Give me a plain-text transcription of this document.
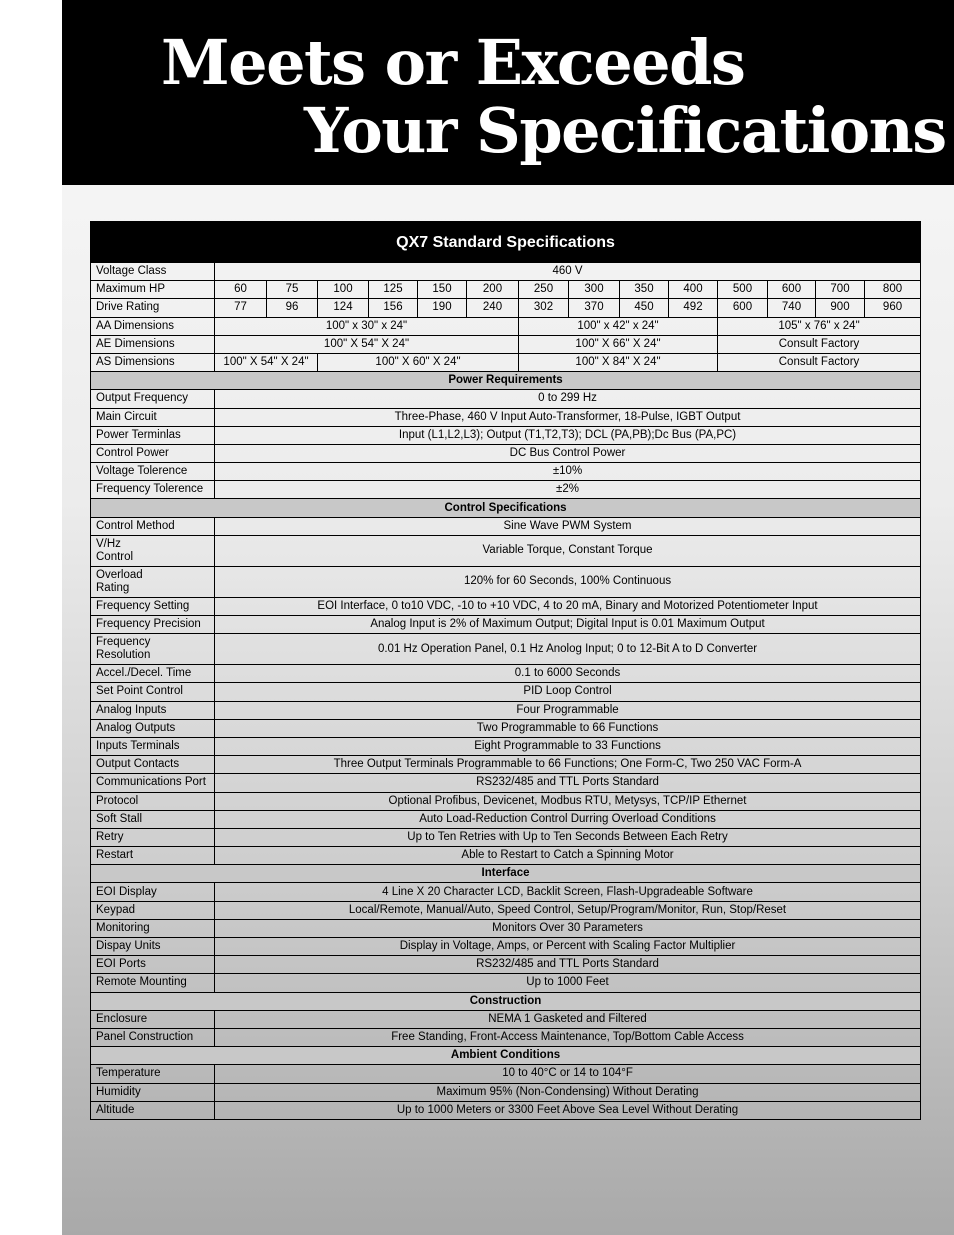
Meets or Exceeds
Your Specifications
QX7 Standard Specifications														
Voltage Class	460 V													
Maximum HP	60	75	100	125	150	200	250	300	350	400	500	600	700	800
Drive Rating	77	96	124	156	190	240	302	370	450	492	600	740	900	960
AA Dimensions	100" x 30" x 24"						100" x 42" x 24"				105" x 76" x 24"			
AE Dimensions	100" X 54" X 24"						100" X 66" X 24"				Consult Factory			
AS Dimensions	100" X 54" X 24"		100" X 60" X 24"				100" X 84" X 24"				Consult Factory			
Power Requirements														
Output Frequency	0 to 299 Hz													
Main Circuit	Three-Phase, 460 V Input Auto-Transformer, 18-Pulse, IGBT Output													
Power Terminlas	Input (L1,L2,L3); Output (T1,T2,T3); DCL (PA,PB);Dc Bus (PA,PC)													
Control Power	DC Bus Control Power													
Voltage Tolerence	±10%													
Frequency Tolerence	±2%													
Control Specifications														
Control Method	Sine Wave PWM System													
V/Hz
Control	Variable Torque, Constant Torque													
Overload
Rating	120% for 60 Seconds, 100% Continuous													
Frequency Setting	EOI Interface, 0 to10 VDC, -10 to +10 VDC, 4 to 20 mA, Binary and Motorized Potentiometer Input													
Frequency Precision	Analog Input is 2% of Maximum Output; Digital Input is 0.01 Maximum Output													
Frequency
Resolution	0.01 Hz Operation Panel, 0.1 Hz Anolog Input; 0 to 12-Bit A to D Converter													
Accel./Decel. Time	0.1 to 6000 Seconds													
Set Point Control	PID Loop Control													
Analog Inputs	Four Programmable													
Analog Outputs	Two Programmable to 66 Functions													
Inputs Terminals	Eight Programmable to 33 Functions													
Output Contacts	Three Output Terminals Programmable to 66 Functions; One Form-C, Two 250 VAC Form-A													
Communications Port	RS232/485 and TTL Ports Standard													
Protocol	Optional Profibus, Devicenet, Modbus RTU, Metysys, TCP/IP Ethernet													
Soft Stall	Auto Load-Reduction Control Durring Overload Conditions													
Retry	Up to Ten Retries with Up to Ten Seconds Between Each Retry													
Restart	Able to Restart to Catch a Spinning Motor													
Interface														
EOI Display	4 Line X 20 Character LCD, Backlit Screen, Flash-Upgradeable Software													
Keypad	Local/Remote, Manual/Auto, Speed Control, Setup/Program/Monitor, Run, Stop/Reset													
Monitoring	Monitors Over 30 Parameters													
Dispay Units	Display in Voltage, Amps, or Percent with Scaling Factor Multiplier													
EOI Ports	RS232/485 and TTL Ports Standard													
Remote Mounting	Up to 1000 Feet													
Construction														
Enclosure	NEMA 1 Gasketed and Filtered													
Panel Construction	Free Standing, Front-Access Maintenance, Top/Bottom Cable Access													
Ambient Conditions														
Temperature	10 to 40°C or 14 to 104°F													
Humidity	Maximum 95% (Non-Condensing) Without Derating													
Altitude	Up to 1000 Meters or 3300 Feet Above Sea Level Without Derating													
